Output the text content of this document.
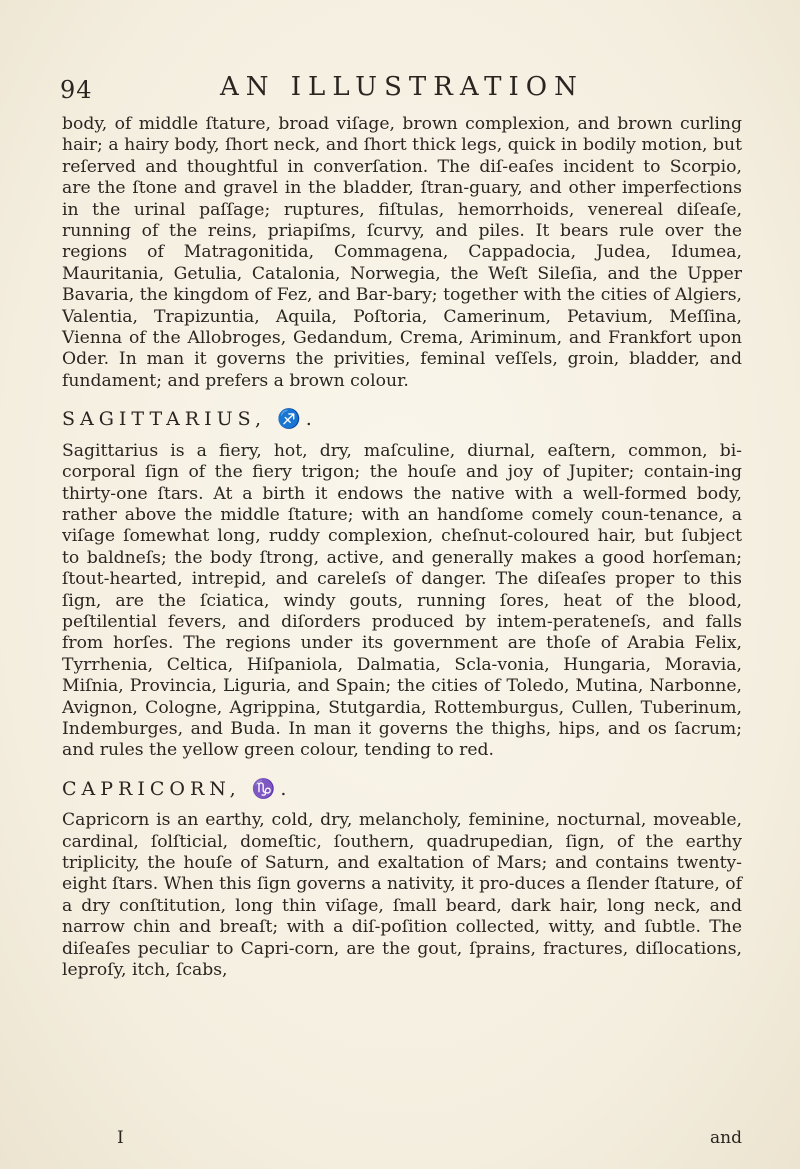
94	AN ILLUSTRATION

body, of middle ſtature, broad viſage, brown complexion, and brown curling hair; a hairy body, ſhort neck, and ſhort thick legs, quick in bodily motion, but reſerved and thoughtful in converſation. The diſ-eaſes incident to Scorpio, are the ſtone and gravel in the bladder, ſtran-guary, and other imperfections in the urinal paſſage; ruptures, fiſtulas, hemorrhoids, venereal diſeaſe, running of the reins, priapiſms, ſcurvy, and piles. It bears rule over the regions of Matragonitida, Commagena, Cappadocia, Judea, Idumea, Mauritania, Getulia, Catalonia, Norwegia, the Weſt Sileſia, and the Upper Bavaria, the kingdom of Fez, and Bar-bary; together with the cities of Algiers, Valentia, Trapizuntia, Aquila, Poſtoria, Camerinum, Petavium, Meſſina, Vienna of the Allobroges, Gedandum, Crema, Ariminum, and Frankfort upon Oder. In man it governs the privities, feminal veſſels, groin, bladder, and fundament; and prefers a brown colour.

SAGITTARIUS, ♐.

Sagittarius is a fiery, hot, dry, maſculine, diurnal, eaſtern, common, bi-corporal ſign of the fiery trigon; the houſe and joy of Jupiter; contain-ing thirty-one ſtars. At a birth it endows the native with a well-formed body, rather above the middle ſtature; with an handſome comely coun-tenance, a viſage ſomewhat long, ruddy complexion, cheſnut-coloured hair, but ſubject to baldneſs; the body ſtrong, active, and generally makes a good horſeman; ſtout-hearted, intrepid, and careleſs of danger. The diſeaſes proper to this ſign, are the ſciatica, windy gouts, running ſores, heat of the blood, peſtilential fevers, and diſorders produced by intem-perateneſs, and falls from horſes. The regions under its government are thoſe of Arabia Felix, Tyrrhenia, Celtica, Hiſpaniola, Dalmatia, Scla-vonia, Hungaria, Moravia, Miſnia, Provincia, Liguria, and Spain; the cities of Toledo, Mutina, Narbonne, Avignon, Cologne, Agrippina, Stutgardia, Rottemburgus, Cullen, Tuberinum, Indemburges, and Buda. In man it governs the thighs, hips, and os ſacrum; and rules the yellow green colour, tending to red.

CAPRICORN, ♑.

Capricorn is an earthy, cold, dry, melancholy, feminine, nocturnal, moveable, cardinal, ſolſticial, domeſtic, ſouthern, quadrupedian, ſign, of the earthy triplicity, the houſe of Saturn, and exaltation of Mars; and contains twenty-eight ſtars. When this ſign governs a nativity, it pro-duces a ſlender ſtature, of a dry conſtitution, long thin viſage, ſmall beard, dark hair, long neck, and narrow chin and breaſt; with a diſ-poſition collected, witty, and ſubtle. The diſeaſes peculiar to Capri-corn, are the gout, ſprains, fractures, diſlocations, leproſy, itch, ſcabs,

I	and
